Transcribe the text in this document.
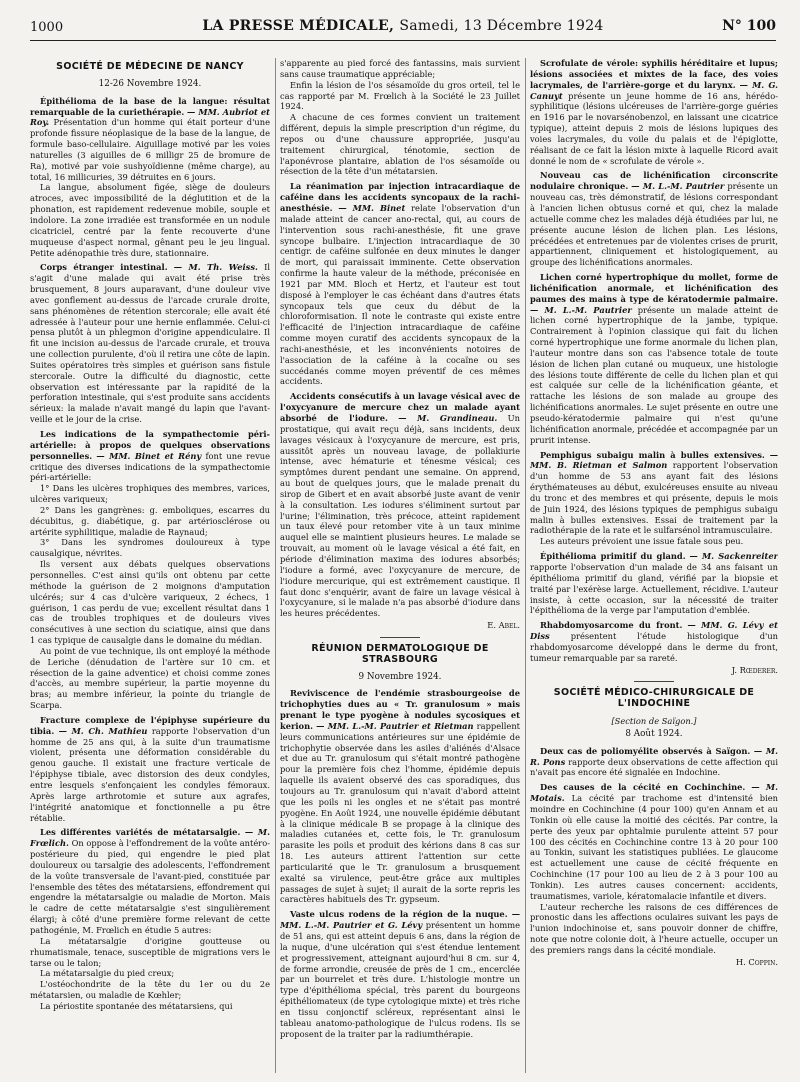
1000	LA PRESSE MÉDICALE, Samedi, 13 Décembre 1924	N° 100
SOCIÉTÉ DE MÉDECINE DE NANCY
12-26 Novembre 1924.

Épithélioma de la base de la langue: résultat remarquable de la curiethérapie. — MM. Aubriot et Roy. Présentation d'un homme qui était porteur d'une profonde fissure néoplasique de la base de la langue, de formule baso-cellulaire. Aiguillage motivé par les voies naturelles (3 aiguilles de 6 milligr 25 de bromure de Ra), motivé par voie sushyoïdienne (même charge), au total, 16 millicuries, 39 détruites en 6 jours.

La langue, absolument figée, siège de douleurs atroces, avec impossibilité de la déglutition et de la phonation, est rapidement redevenue mobile, souple et indolore. La zone irradiée est transformée en un nodule cicatriciel, centré par la fente recouverte d'une muqueuse d'aspect normal, gênant peu le jeu lingual. Petite adénopathie très dure, stationnaire.

Corps étranger intestinal. — M. Th. Weiss. Il s'agit d'une malade qui avait été prise très brusquement, 8 jours auparavant, d'une douleur vive avec gonflement au-dessus de l'arcade crurale droite, sans phénomènes de rétention stercorale; elle avait été adressée à l'auteur pour une hernie enflammée. Celui-ci pensa plutôt à un phlegmon d'origine appendiculaire. Il fit une incision au-dessus de l'arcade crurale, et trouva une collection purulente, d'où il retira une côte de lapin. Suites opératoires très simples et guérison sans fistule stercorale. Outre la difficulté du diagnostic, cette observation est intéressante par la rapidité de la perforation intestinale, qui s'est produite sans accidents sérieux: la malade n'avait mangé du lapin que l'avant-veille et le jour de la crise.

Les indications de la sympathectomie péri-artérielle: à propos de quelques observations personnelles. — MM. Binet et Rény font une revue critique des diverses indications de la sympathectomie péri-artérielle:

1° Dans les ulcères trophiques des membres, varices, ulcères variqueux;

2° Dans les gangrènes: g. emboliques, escarres du décubitus, g. diabétique, g. par artériosclérose ou artérite syphilitique, maladie de Raynaud;

3° Dans les syndromes douloureux à type causalgique, névrites.

Ils versent aux débats quelques observations personnelles. C'est ainsi qu'ils ont obtenu par cette méthode la guérison de 2 moignons d'amputation ulcérés; sur 4 cas d'ulcère variqueux, 2 échecs, 1 guérison, 1 cas perdu de vue; excellent résultat dans 1 cas de troubles trophiques et de douleurs vives consécutives à une section du sciatique, ainsi que dans 1 cas typique de causalgie dans le domaine du médian.

Au point de vue technique, ils ont employé la méthode de Leriche (dénudation de l'artère sur 10 cm. et résection de la gaine adventice) et choisi comme zones d'accès, au membre supérieur, la partie moyenne du bras; au membre inférieur, la pointe du triangle de Scarpa.

Fracture complexe de l'épiphyse supérieure du tibia. — M. Ch. Mathieu rapporte l'observation d'un homme de 25 ans qui, à la suite d'un traumatisme violent, présenta une déformation considérable du genou gauche. Il existait une fracture verticale de l'épiphyse tibiale, avec distorsion des deux condyles, entre lesquels s'enfonçaient les condyles fémoraux. Après large arthrotomie et suture aux agrafes, l'intégrité anatomique et fonctionnelle a pu être rétablie.

Les différentes variétés de métatarsalgie. — M. Frœlich. On oppose à l'effondrement de la voûte antéro-postérieure du pied, qui engendre le pied plat douloureux ou tarsalgie des adolescents, l'effondrement de la voûte transversale de l'avant-pied, constituée par l'ensemble des têtes des métatarsiens, effondrement qui engendre la métatarsalgie ou maladie de Morton. Mais le cadre de cette métatarsalgie s'est singulièrement élargi; à côté d'une première forme relevant de cette pathogénie, M. Frœlich en étudie 5 autres:

La métatarsalgie d'origine goutteuse ou rhumatismale, tenace, susceptible de migrations vers le tarse ou le talon;

La métatarsalgie du pied creux;

L'ostéochondrite de la tête du 1er ou du 2e métatarsien, ou maladie de Kœhler;

La périostite spontanée des métatarsiens, qui

s'apparente au pied forcé des fantassins, mais survient sans cause traumatique appréciable;

Enfin la lésion de l'os sésamoïde du gros orteil, tel le cas rapporté par M. Frœlich à la Société le 23 Juillet 1924.

A chacune de ces formes convient un traitement différent, depuis la simple prescription d'un régime, du repos ou d'une chaussure appropriée, jusqu'au traitement chirurgical, ténotomie, section de l'aponévrose plantaire, ablation de l'os sésamoïde ou résection de la tête d'un métatarsien.

La réanimation par injection intracardiaque de caféine dans les accidents syncopaux de la rachi-anesthésie. — MM. Binet relate l'observation d'un malade atteint de cancer ano-rectal, qui, au cours de l'intervention sous rachi-anesthésie, fit une grave syncope bulbaire. L'injection intracardiaque de 30 centigr. de caféine sulfonée en deux minutes le danger de mort, qui paraissait imminente. Cette observation confirme la haute valeur de la méthode, préconisée en 1921 par MM. Bloch et Hertz, et l'auteur est tout disposé à l'employer le cas échéant dans d'autres états syncopaux tels que ceux du début de la chloroformisation. Il note le contraste qui existe entre l'efficacité de l'injection intracardiaque de caféine comme moyen curatif des accidents syncopaux de la rachi-anesthésie, et les inconvénients notoires de l'association de la caféine à la cocaïne ou ses succédanés comme moyen préventif de ces mêmes accidents.

Accidents consécutifs à un lavage vésical avec de l'oxycyanure de mercure chez un malade ayant absorbé de l'iodure. — M. Grandineau. Un prostatique, qui avait reçu déjà, sans incidents, deux lavages vésicaux à l'oxycyanure de mercure, est pris, aussitôt après un nouveau lavage, de pollakiurie intense, avec hématurie et ténesme vésical; ces symptômes durent pendant une semaine. On apprend, au bout de quelques jours, que le malade prenait du sirop de Gibert et en avait absorbé juste avant de venir à la consultation. Les iodures s'éliminent surtout par l'urine; l'élimination, très précoce, atteint rapidement un taux élevé pour retomber vite à un taux minime auquel elle se maintient plusieurs heures. Le malade se trouvait, au moment où le lavage vésical a été fait, en période d'élimination maxima des iodures absorbés; l'iodure a formé, avec l'oxycyanure de mercure, de l'iodure mercurique, qui est extrêmement caustique. Il faut donc s'enquérir, avant de faire un lavage vésical à l'oxycyanure, si le malade n'a pas absorbé d'iodure dans les heures précédentes.

E. Abel.
RÉUNION DERMATOLOGIQUE DE STRASBOURG
9 Novembre 1924.

Reviviscence de l'endémie strasbourgeoise de trichophyties dues au « Tr. granulosum » mais prenant le type pyogène à nodules sycosiques et kerion. — MM. L.-M. Pautrier et Rietman rappellent leurs communications antérieures sur une épidémie de trichophytie observée dans les asiles d'aliénés d'Alsace et due au Tr. granulosum qui s'était montré pathogène pour la première fois chez l'homme, épidémie depuis laquelle ils avaient observé des cas sporadiques, dus toujours au Tr. granulosum qui n'avait d'abord atteint que les poils ni les ongles et ne s'était pas montré pyogène. En Août 1924, une nouvelle épidémie débutant à la clinique médicale B se propage à la clinique des maladies cutanées et, cette fois, le Tr. granulosum parasite les poils et produit des kérions dans 8 cas sur 18. Les auteurs attirent l'attention sur cette particularité que le Tr. granulosum a brusquement exalté sa virulence, peut-être grâce aux multiples passages de sujet à sujet; il aurait de la sorte repris les caractères habituels des Tr. gypseum.

Vaste ulcus rodens de la région de la nuque. — MM. L.-M. Pautrier et G. Lévy présentent un homme de 51 ans, qui est atteint depuis 6 ans, dans la région de la nuque, d'une ulcération qui s'est étendue lentement et progressivement, atteignant aujourd'hui 8 cm. sur 4, de forme arrondie, creusée de près de 1 cm., encerclée par un bourrelet et très dure. L'histologie montre un type d'épithélioma spécial, très parent du bourgeons épithéliomateux (de type cytologique mixte) et très riche en tissu conjonctif scléreux, représentant ainsi le tableau anatomo-pathologique de l'ulcus rodens. Ils se proposent de la traiter par la radiumthérapie.

Scrofulate de vérole: syphilis héréditaire et lupus; lésions associées et mixtes de la face, des voies lacrymales, de l'arrière-gorge et du larynx. — M. G. Canuyt présente un jeune homme de 16 ans, hérédo-syphilitique (lésions ulcéreuses de l'arrière-gorge guéries en 1916 par le novarsénobenzol, en laissant une cicatrice typique), atteint depuis 2 mois de lésions lupiques des voies lacrymales, du voile du palais et de l'épiglotte, réalisant de ce fait la lésion mixte à laquelle Ricord avait donné le nom de « scrofulate de vérole ».

Nouveau cas de lichénification circonscrite nodulaire chronique. — M. L.-M. Pautrier présente un nouveau cas, très démonstratif, de lésions correspondant à l'ancien lichen obtusus corné et qui, chez la malade actuelle comme chez les malades déjà étudiées par lui, ne présente aucune lésion de lichen plan. Les lésions, précédées et entretenues par de violentes crises de prurit, appartiennent, cliniquement et histologiquement, au groupe des lichénifications anormales.

Lichen corné hypertrophique du mollet, forme de lichénification anormale, et lichénification des paumes des mains à type de kératodermie palmaire. — M. L.-M. Pautrier présente un malade atteint de lichen corné hypertrophique de la jambe, typique. Contrairement à l'opinion classique qui fait du lichen corné hypertrophique une forme anormale du lichen plan, l'auteur montre dans son cas l'absence totale de toute lésion de lichen plan cutané ou muqueux, une histologie des lésions toute différente de celle du lichen plan et qui est calquée sur celle de la lichénification géante, et rattache les lésions de son malade au groupe des lichénifications anormales. Le sujet présente en outre une pseudo-kératodermie palmaire qui n'est qu'une lichénification anormale, précédée et accompagnée par un prurit intense.

Pemphigus subaigu malin à bulles extensives. — MM. B. Rietman et Salmon rapportent l'observation d'un homme de 53 ans ayant fait des lésions érythémateuses au début, exulcéreuses ensuite au niveau du tronc et des membres et qui présente, depuis le mois de Juin 1924, des lésions typiques de pemphigus subaigu malin à bulles extensives. Essai de traitement par la radiothérapie de la rate et le sulfarsénol intramusculaire.

Les auteurs prévoient une issue fatale sous peu.

Épithélioma primitif du gland. — M. Sackenreiter rapporte l'observation d'un malade de 34 ans faisant un épithélioma primitif du gland, vérifié par la biopsie et traité par l'exérèse large. Actuellement, récidive. L'auteur insiste, à cette occasion, sur la nécessité de traiter l'épithélioma de la verge par l'amputation d'emblée.

Rhabdomyosarcome du front. — MM. G. Lévy et Diss	présentent l'étude histologique d'un rhabdomyosarcome développé dans le derme du front, tumeur remarquable par sa rareté.

J. Rœderer.
SOCIÉTÉ MÉDICO-CHIRURGICALE DE L'INDOCHINE
[Section de Saïgon.]
8 Août 1924.

Deux cas de poliomyélite observés à Saïgon. — M. R. Pons rapporte deux observations de cette affection qui n'avait pas encore été signalée en Indochine.

Des causes de la cécité en Cochinchine. — M. Motais. La cécité par trachome est d'intensité bien moindre en Cochinchine (4 pour 100) qu'en Annam et au Tonkin où elle cause la moitié des cécités. Par contre, la perte des yeux par ophtalmie purulente atteint 57 pour 100 des cécités en Cochinchine contre 13 à 20 pour 100 au Tonkin, suivant les statistiques publiées. Le glaucome est actuellement une cause de cécité fréquente en Cochinchine (17 pour 100 au lieu de 2 à 3 pour 100 au Tonkin). Les autres causes concernent: accidents, traumatismes, variole, kératomalacie infantile et divers.

L'auteur recherche les raisons de ces différences de pronostic dans les affections oculaires suivant les pays de l'union indochinoise et, sans pouvoir donner de chiffre, note que notre colonie doit, à l'heure actuelle, occuper un des premiers rangs dans la cécité mondiale.

H. Coppin.
